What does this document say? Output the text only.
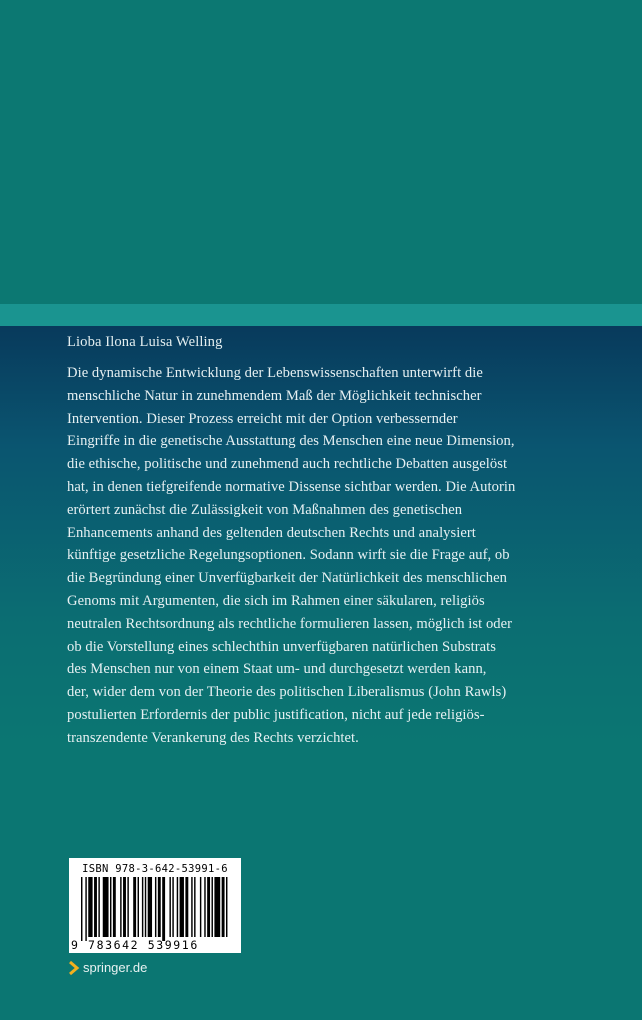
Lioba Ilona Luisa Welling
Die dynamische Entwicklung der Lebenswissenschaften unterwirft die
menschliche Natur in zunehmendem Maß der Möglichkeit technischer
Intervention. Dieser Prozess erreicht mit der Option verbessernder
Eingriffe in die genetische Ausstattung des Menschen eine neue Dimension,
die ethische, politische und zunehmend auch rechtliche Debatten ausgelöst
hat, in denen tiefgreifende normative Dissense sichtbar werden. Die Autorin
erörtert zunächst die Zulässigkeit von Maßnahmen des genetischen
Enhancements anhand des geltenden deutschen Rechts und analysiert
künftige gesetzliche Regelungsoptionen. Sodann wirft sie die Frage auf, ob
die Begründung einer Unverfügbarkeit der Natürlichkeit des menschlichen
Genoms mit Argumenten, die sich im Rahmen einer säkularen, religiös
neutralen Rechtsordnung als rechtliche formulieren lassen, möglich ist oder
ob die Vorstellung eines schlechthin unverfügbaren natürlichen Substrats
des Menschen nur von einem Staat um- und durchgesetzt werden kann,
der, wider dem von der Theorie des politischen Liberalismus (John Rawls)
postulierten Erfordernis der public justification, nicht auf jede religiös-
transzendente Verankerung des Rechts verzichtet.
ISBN 978-3-642-53991-6
9 783642 539916
springer.de
